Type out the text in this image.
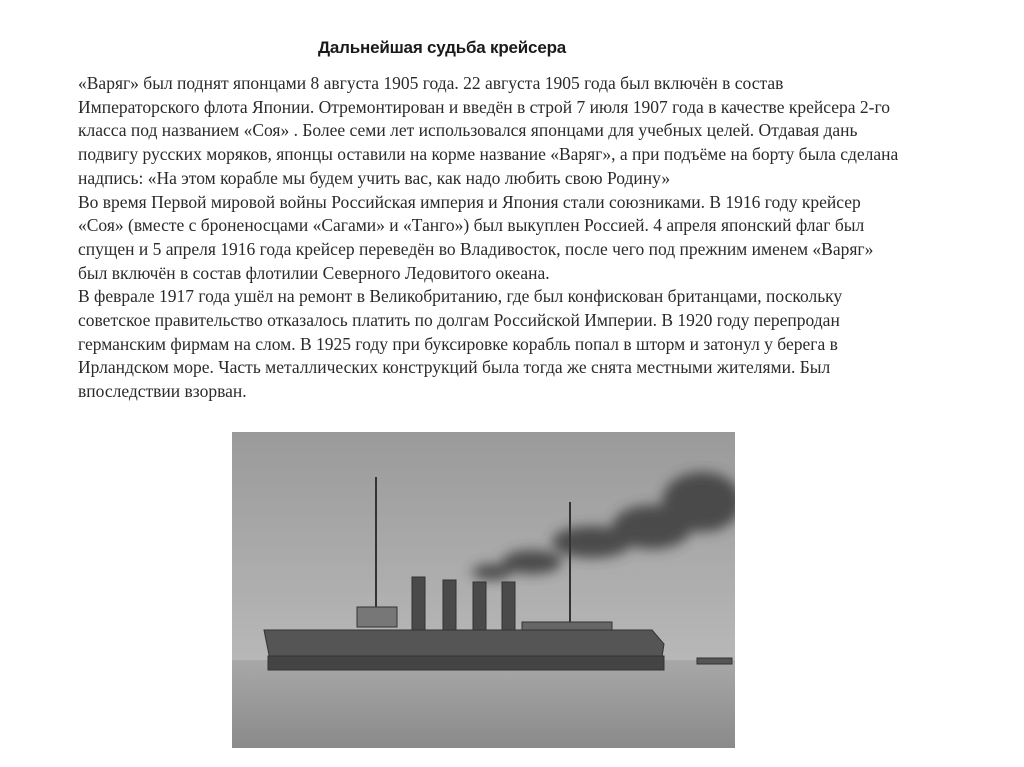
Дальнейшая судьба крейсера
«Варяг» был поднят японцами 8 августа 1905 года. 22 августа 1905 года был включён в состав
Императорского флота Японии. Отремонтирован и введён в строй 7 июля 1907 года в качестве крейсера 2-го
класса под названием «Соя» . Более семи лет использовался японцами для учебных целей. Отдавая дань
подвигу русских моряков, японцы оставили на корме название «Варяг», а при подъёме на борту была сделана
надпись: «На этом корабле мы будем учить вас, как надо любить свою Родину»
Во время Первой мировой войны Российская империя и Япония стали союзниками. В 1916 году крейсер
«Соя» (вместе с броненосцами «Сагами» и «Танго») был выкуплен Россией. 4 апреля японский флаг был
спущен и 5 апреля 1916 года крейсер переведён во Владивосток, после чего под прежним именем «Варяг»
был включён в состав флотилии Северного Ледовитого океана.
В феврале 1917 года ушёл на ремонт в Великобританию, где был конфискован британцами, поскольку
советское правительство отказалось платить по долгам Российской Империи. В 1920 году перепродан
германским фирмам на слом. В 1925 году при буксировке корабль попал в шторм и затонул у берега в
Ирландском море. Часть металлических конструкций была тогда же снята местными жителями. Был
впоследствии взорван.
